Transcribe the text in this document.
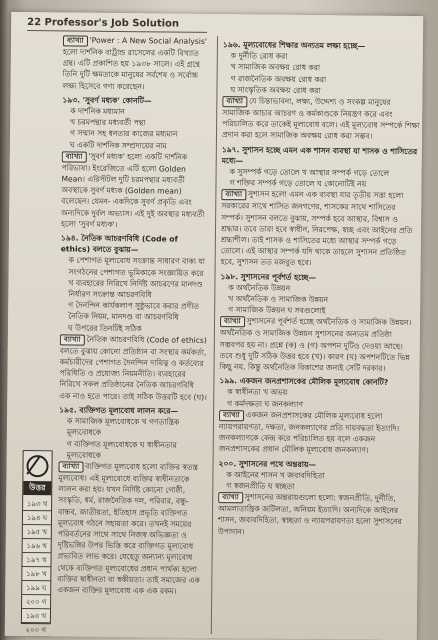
22 Professor's Job Solution
ব্যাখ্যা 'Power : A New Social Analysis' হলো দার্শনিক বার্ট্রান্ড রাসেলের একটি বিখ্যাত গ্রন্থ। এটি প্রকাশিত হয় ১৯৩৮ সালে। এই গ্রন্থে তিনি দুটি ক্ষমতাকে মানুষের সর্বশেষ ও সর্বোচ্চ লক্ষ্য হিসেবে গণ্য করেছেন।
১৯৩. 'সুবর্ণ মধ্যক' কোনটি—
ক দার্শনিক মধ্যমান
খ চরমপন্থার মধ্যবর্তী পন্থা
গ সম্মান সহ ধনতার কাজের মধ্যমান
ঘ একটি দার্শনিক সম্প্রদায়ের নাম
ব্যাখ্যা 'সুবর্ণ মধ্যক' হলো একটি দার্শনিক পরিভাষা। ইংরেজিতে এটি হলো Golden Mean। এরিস্টটল দুটি চরমপন্থার মধ্যবর্তী অবস্থাকে সুবর্ণ মধ্যক (Golden mean) বলেছেন। যেমন- একদিকে সুবর্ণ প্রকৃতি এবং অন্যদিকে দুর্বল অভ্যাস। এই দুই অবস্থার মধ্যবর্তী হলো 'সুবর্ণ মধ্যক'।
১৯৪. নৈতিক আচরণবিধি (Code of ethics) বলতে বুঝায়—
ক পেশাগত মূল্যবোধ সংক্রান্ত সাধারণ বাক্য যা সংগঠনের পেশাগত ভূমিকাকে সংজ্ঞায়িত করে
খ ব্যবহারের নিরিখে নির্দিষ্ট আচরণের মানদণ্ড নির্ধারণ সংক্রান্ত আচরণবিধি
গ দৈনন্দিন কার্যকলাপ সুষ্ঠুভাবে করার প্রণীত নৈতিক নিয়ম, মানদণ্ড বা আচরণবিধি
ঘ উপরের তিনটিই সঠিক
ব্যাখ্যা নৈতিক আচরণবিধি (Code of ethics) বলতে বুঝায় কোনো প্রতিষ্ঠান বা সংস্থার কর্মকর্তা, কর্মচারীদের পেশাগত দৈনন্দিন দায়িত্ব ও কর্তব্যের পরিধিতি ও প্রযোজ্য নিয়মনীতি। ব্যবহারের নিরিখে সকল প্রতিষ্ঠানের নৈতিক আচরণবিধি এক নাও হতে পারে। তাই সঠিক উত্তরটি হবে (ঘ)।
১৯৫. ব্যক্তিগত মূল্যবোধ লালন করে—
ক সামাজিক মূল্যবোধকে খ গণতান্ত্রিক মূল্যবোধকে
গ ব্যক্তিগত মূল্যবোধকে ঘ স্বাধীনতার মূল্যবোধকে
ব্যাখ্যা ব্যক্তিগত মূল্যবোধ হলো ব্যক্তির স্বতন্ত্র মূল্যবোধ। এই মূল্যবোধে ব্যক্তির স্বাধীনতাকে লালন করা হয়। যখন নির্দিষ্ট কোনো গোষ্ঠী, সংস্কৃতি, ধর্ম, রাজনৈতিক দল, পরিবার, বন্ধু-বান্ধব, জাতীয়তা, ইতিহাস প্রভৃতি ব্যক্তিগত মূল্যবোধ গঠনে সহায়তা করে। তখনই সময়ের পরিবর্তনের সাথে সাথে নিজস্ব অভিজ্ঞতা ও দৃষ্টিভঙ্গির উপর ভিত্তি করে ব্যক্তিগত মূল্যবোধ প্রভাবিত লাভ করে। যেহেতু অন্যান্য মূল্যবোধ থেকে ব্যক্তিগত মূল্যবোধের প্রধান পার্থক্য হলো ব্যক্তির স্বাধীনতা বা স্বকীয়তা। তাই সমাজের এক একজন ব্যক্তির মূল্যবোধ এক এক রকম।
১৯৬. মূল্যবোধের শিক্ষার অন্যতম লক্ষ্য হচ্ছে—
ক দুর্নীতি রোধ করা
খ সামাজিক অবক্ষয় রোধ করা
গ রাজনৈতিক অবক্ষয় রোধ করা
ঘ সাংস্কৃতিক অবক্ষয় রোধ করা
ব্যাখ্যা যে চিন্তাভাবনা, লক্ষ্য, উদ্দেশ্য ও সংকল্প মানুষের সামাজিক আচার আচরণ ও কর্মকাণ্ডকে নিয়ন্ত্রণ করে এবং পরিচালিত করে তাকেই মূল্যবোধ বলে। এই মূল্যবোধ সম্পর্কে শিক্ষা প্রদান করা হলে সামাজিক অবক্ষয় রোধ করা সম্ভব।
১৯৭. সুশাসন হচ্ছে এমন এক শাসন ব্যবস্থা যা শাসক ও শাসিতের মধ্যে—
ক সুসম্পর্ক গড়ে তোলে খ আস্থার সম্পর্ক গড়ে তোলে
গ শক্তির সম্পর্ক গড়ে তোলে ঘ কোনোটিই নয়
ব্যাখ্যা সুশাসন হলো এমন এক ব্যবস্থা যার তৃতীয় সত্তা হলো সরকারের সাথে শাসিত জনগণের, শাসকের সাথে শাসিতের সম্পর্ক। সুশাসন বলতে বুঝায়, সম্পর্ক হবে আস্থার, বিশ্বাস ও শ্রদ্ধার। তবে তারা হবে স্বাধীন, নিরপেক্ষ, স্বচ্ছ এবং আইনের প্রতি শ্রদ্ধাশীল। তাই শাসক ও শাসিতের মধ্যে আস্থার সম্পর্ক গড়ে তোলে। এই আস্থার সম্পর্ক যদি থাকে তাহলে সুশাসন প্রতিষ্ঠিত হবে, সুশাসন তত মজবুত হবে।
১৯৮. সুশাসনের পূর্বশর্ত হচ্ছে—
ক অর্থনৈতিক উন্নয়ন
খ অর্থনৈতিক ও সামাজিক উন্নয়ন
গ সামাজিক উন্নয়ন ঘ সবগুলোই
ব্যাখ্যা সুশাসনের পূর্বশর্ত হচ্ছে অর্থনৈতিক ও সামাজিক উন্নয়ন। অর্থনৈতিক ও সামাজিক উন্নয়ন সুশাসনের অন্যতম প্রতিষ্ঠা সম্ভবপর হয় না। প্রশ্নে (ক) ও (গ) অপশন দুটিও দেওয়া আছে। তবে শুধু দুটি সঠিক উত্তর হবে (খ)। কারণ (ঘ) অপশনটিতে ভিন্ন কিছু নয়, কিন্তু অর্থনৈতিক বিকাশের জন্যই সেটি দরকার।
১৯৯. একজন জনপ্রশাসকের মৌলিক মূল্যবোধ কোনটি?
ক স্বাধীনতা খ অভয়
গ কর্মদক্ষতা ঘ জনকল্যাণ
ব্যাখ্যা একজন জনপ্রশাসকের মৌলিক মূল্যবোধ হলো ন্যায়পরায়ণতা, দক্ষতা, জনকল্যাণের প্রতি দায়বদ্ধতা ইত্যাদি। জনকল্যাণকে কেন্দ্র করে পরিচালিত হয় বলে একজন জনপ্রশাসকের প্রধান মৌলিক মূল্যবোধ জনকল্যাণ।
২০০. সুশাসনের পথে অন্তরায়—
ক আইনের শাসন খ জবাবদিহিতা
গ স্বজনপ্রীতি ঘ স্বচ্ছতা
ব্যাখ্যা সুশাসনের অন্তরায়গুলো হলো: স্বজনপ্রীতি, দুর্নীতি, আমলাতান্ত্রিক জটিলতা, অনিয়ম ইত্যাদি। অন্যদিকে আইনের শাসন, জবাবদিহিতা, স্বচ্ছতা ও ন্যায়পরায়ণতা হলো সুশাসনের উপাদান।
উত্তর
১৯৩ খ
১৯৪ ঘ
১৯৫ খ
১৯৬ খ
১৯৭ খ
১৯৮ খ
১৯৯ ঘ
২০০ গ
১৯৩ খ
২০০ গ
